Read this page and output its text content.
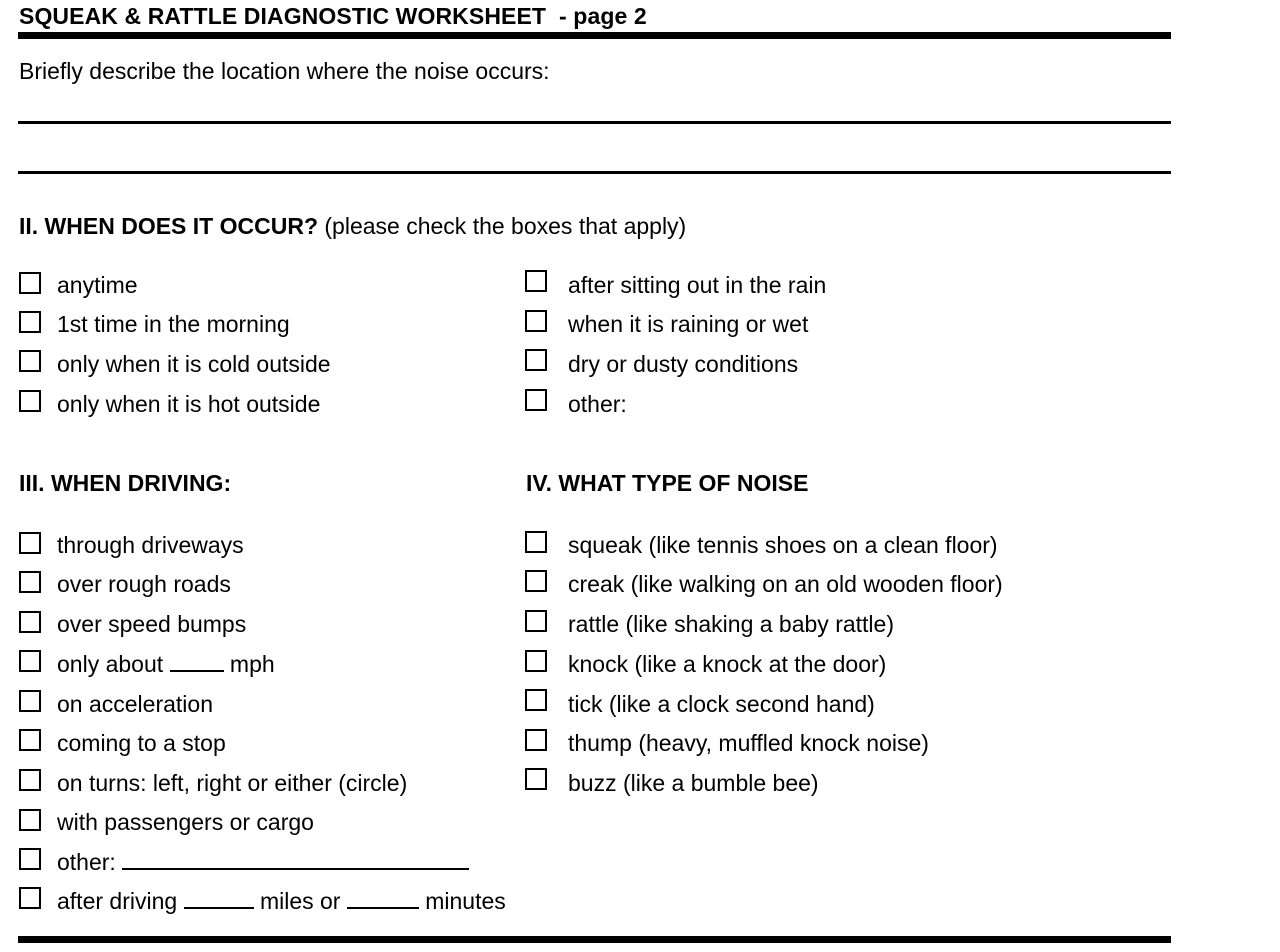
SQUEAK & RATTLE DIAGNOSTIC WORKSHEET  - page 2
Briefly describe the location where the noise occurs:
II. WHEN DOES IT OCCUR? (please check the boxes that apply)
anytime
1st time in the morning
only when it is cold outside
only when it is hot outside
after sitting out in the rain
when it is raining or wet
dry or dusty conditions
other:
III. WHEN DRIVING:	IV. WHAT TYPE OF NOISE
through driveways
over rough roads
over speed bumps
only about	mph
on acceleration
coming to a stop
on turns: left, right or either (circle)
with passengers or cargo
other:
after driving	miles or	minutes
squeak (like tennis shoes on a clean floor)
creak (like walking on an old wooden floor)
rattle (like shaking a baby rattle)
knock (like a knock at the door)
tick (like a clock second hand)
thump (heavy, muffled knock noise)
buzz (like a bumble bee)
